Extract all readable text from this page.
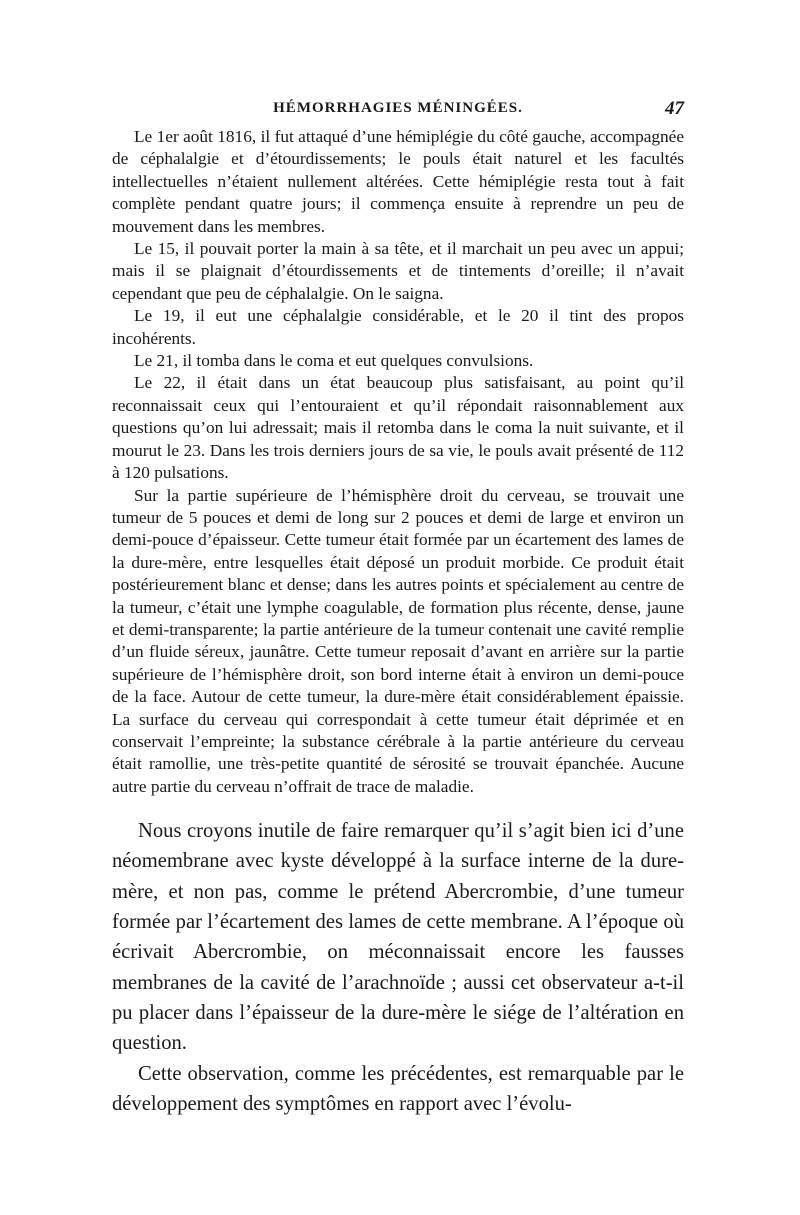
HÉMORRHAGIES MÉNINGÉES.	47

Le 1er août 1816, il fut attaqué d’une hémiplégie du côté gauche, accompagnée de céphalalgie et d’étourdissements; le pouls était naturel et les facultés intellectuelles n’étaient nullement altérées. Cette hémiplégie resta tout à fait complète pendant quatre jours; il commença ensuite à reprendre un peu de mouvement dans les membres.

Le 15, il pouvait porter la main à sa tête, et il marchait un peu avec un appui; mais il se plaignait d’étourdissements et de tintements d’oreille; il n’avait cependant que peu de céphalalgie. On le saigna.

Le 19, il eut une céphalalgie considérable, et le 20 il tint des propos incohérents.

Le 21, il tomba dans le coma et eut quelques convulsions.

Le 22, il était dans un état beaucoup plus satisfaisant, au point qu’il reconnaissait ceux qui l’entouraient et qu’il répondait raisonnablement aux questions qu’on lui adressait; mais il retomba dans le coma la nuit suivante, et il mourut le 23. Dans les trois derniers jours de sa vie, le pouls avait présenté de 112 à 120 pulsations.

Sur la partie supérieure de l’hémisphère droit du cerveau, se trouvait une tumeur de 5 pouces et demi de long sur 2 pouces et demi de large et environ un demi-pouce d’épaisseur. Cette tumeur était formée par un écartement des lames de la dure-mère, entre lesquelles était déposé un produit morbide. Ce produit était postérieurement blanc et dense; dans les autres points et spécialement au centre de la tumeur, c’était une lymphe coagulable, de formation plus récente, dense, jaune et demi-transparente; la partie antérieure de la tumeur contenait une cavité remplie d’un fluide séreux, jaunâtre. Cette tumeur reposait d’avant en arrière sur la partie supérieure de l’hémisphère droit, son bord interne était à environ un demi-pouce de la face. Autour de cette tumeur, la dure-mère était considérablement épaissie. La surface du cerveau qui correspondait à cette tumeur était déprimée et en conservait l’empreinte; la substance cérébrale à la partie antérieure du cerveau était ramollie, une très-petite quantité de sérosité se trouvait épanchée. Aucune autre partie du cerveau n’offrait de trace de maladie.

Nous croyons inutile de faire remarquer qu’il s’agit bien ici d’une néomembrane avec kyste développé à la surface interne de la dure-mère, et non pas, comme le prétend Abercrombie, d’une tumeur formée par l’écartement des lames de cette membrane. A l’époque où écrivait Abercrombie, on méconnaissait encore les fausses membranes de la cavité de l’arachnoïde ; aussi cet observateur a-t-il pu placer dans l’épaisseur de la dure-mère le siége de l’altération en question.

Cette observation, comme les précédentes, est remarquable par le développement des symptômes en rapport avec l’évolu-
